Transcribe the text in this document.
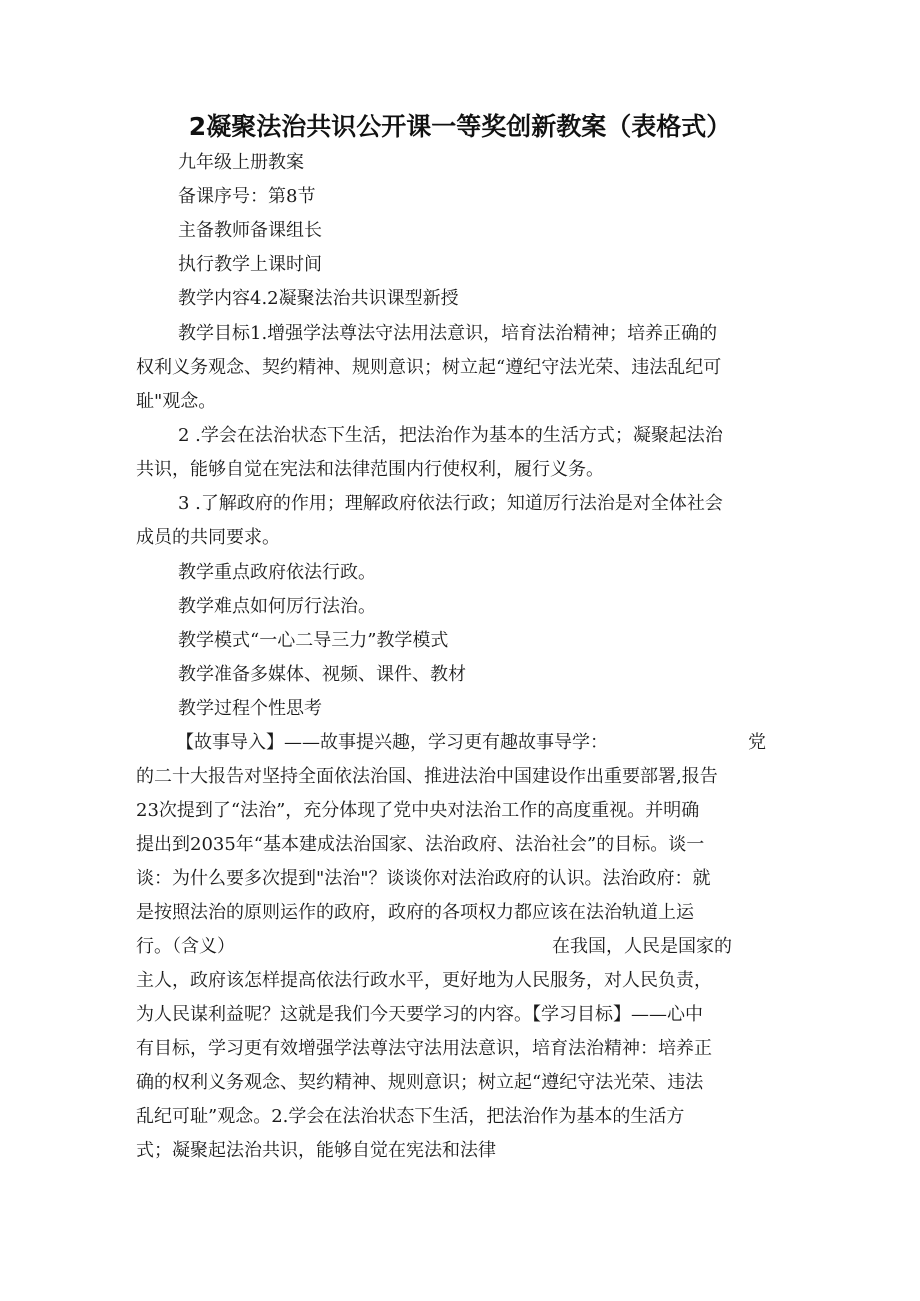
2凝聚法治共识公开课一等奖创新教案（表格式）
九年级上册教案
备课序号：第8节
主备教师备课组长
执行教学上课时间
教学内容4.2凝聚法治共识课型新授
教学目标1.增强学法尊法守法用法意识，培育法治精神；培养正确的
权利义务观念、契约精神、规则意识；树立起“遵纪守法光荣、违法乱纪可
耻"观念。
2 .学会在法治状态下生活，把法治作为基本的生活方式；凝聚起法治
共识，能够自觉在宪法和法律范围内行使权利，履行义务。
3 .了解政府的作用；理解政府依法行政；知道厉行法治是对全体社会
成员的共同要求。
教学重点政府依法行政。
教学难点如何厉行法治。
教学模式“一心二导三力”教学模式
教学准备多媒体、视频、课件、教材
教学过程个性思考
【故事导入】——故事提兴趣，学习更有趣故事导学：	党
的二十大报告对坚持全面依法治国、推进法治中国建设作出重要部署,报告
23次提到了“法治”，充分体现了党中央对法治工作的高度重视。并明确
提出到2035年“基本建成法治国家、法治政府、法治社会”的目标。谈一
谈：为什么要多次提到"法治"？谈谈你对法治政府的认识。法治政府：就
是按照法治的原则运作的政府，政府的各项权力都应该在法治轨道上运
行。（含义）	在我国，人民是国家的
主人，政府该怎样提高依法行政水平，更好地为人民服务，对人民负责，
为人民谋利益呢？这就是我们今天要学习的内容。【学习目标】——心中
有目标，学习更有效增强学法尊法守法用法意识，培育法治精神：培养正
确的权利义务观念、契约精神、规则意识；树立起“遵纪守法光荣、违法
乱纪可耻”观念。2.学会在法治状态下生活，把法治作为基本的生活方
式；凝聚起法治共识，能够自觉在宪法和法律
